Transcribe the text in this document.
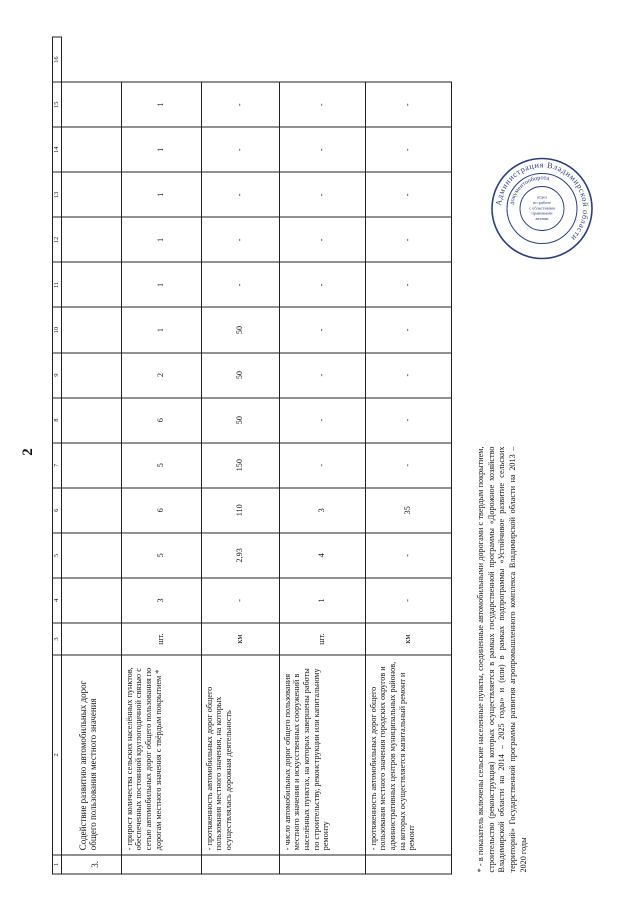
2
1	2	3	4	5	6	7	8	9	10	11	12	13	14	15	16
3.	Содействие развитию автомобильных дорог общего пользования местного значения														
	- прирост количества сельских населённых пунктов, обеспеченных постоянной круглогодичной связью с сетью автомобильных дорог общего пользования по дорогам местного значения с твёрдым покрытием *	шт.	3	5	6	5	6	2	1	1	1	1	1	1	
	- протяженность автомобильных дорог общего пользования местного значения, на которых осуществлялась дорожная деятельность	км	-	2,93	110	150	50	50	50	-	-	-	-	-	
	- число автомобильных дорог общего пользования местного значения и искусственных сооружений в населённых пунктах, на которых завершены работы по строительству, реконструкции или капитальному ремонту	шт.	1	4	3	-	-	-	-	-	-	-	-	-	
	- протяженность автомобильных дорог общего пользования местного значения городских округов и административных центров муниципальных районов, на которых осуществляется капитальный ремонт и ремонт	км	-	-	35	-	-	-	-	-	-	-	-	-	
* - в показатель включены сельские населенные пункты, соединенные автомобильными дорогами с твердым покрытием, строительство (реконструкция) которых осуществляется в рамках государственной программы «Дорожное хозяйство Владимирской области на 2014 – 2025 годы» и (или) в рамках подпрограммы «Устойчивое развитие сельских территорий» Государственной программы развития агропромышленного комплекса Владимирской области на 2013 – 2020 годы
Администрация Владимирской области
документооборота
отдел по работе с областными правовыми актами
